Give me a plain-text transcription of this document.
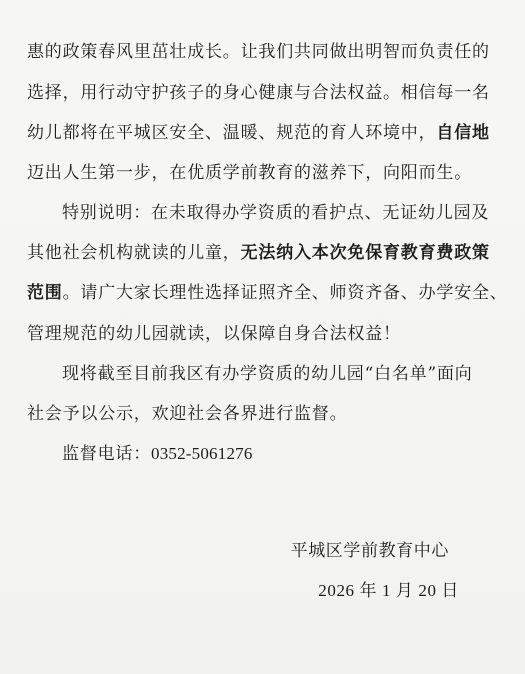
惠的政策春风里茁壮成长。让我们共同做出明智而负责任的
选择，用行动守护孩子的身心健康与合法权益。相信每一名
幼儿都将在平城区安全、温暖、规范的育人环境中，自信地
迈出人生第一步，在优质学前教育的滋养下，向阳而生。
特别说明：在未取得办学资质的看护点、无证幼儿园及
其他社会机构就读的儿童，无法纳入本次免保育教育费政策
范围。请广大家长理性选择证照齐全、师资齐备、办学安全、
管理规范的幼儿园就读，以保障自身合法权益！
现将截至目前我区有办学资质的幼儿园“白名单”面向
社会予以公示，欢迎社会各界进行监督。
监督电话：0352-5061276
平城区学前教育中心
2026 年 1 月 20 日
